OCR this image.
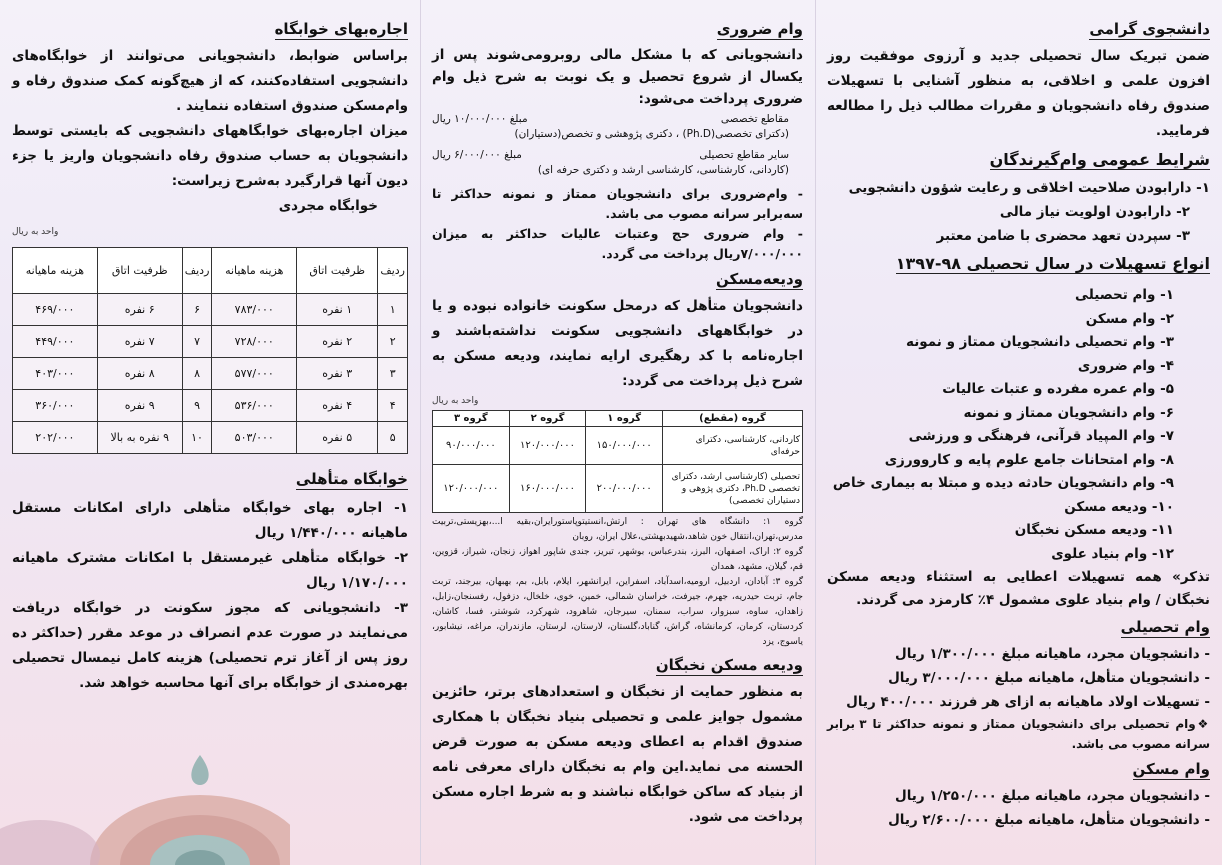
دانشجوی گرامی

ضمن تبریک سال تحصیلی جدید و آرزوی موفقیت روز افزون علمی و اخلاقی، به منظور آشنایی با تسهیلات صندوق رفاه دانشجویان و مقررات مطالب ذیل را مطالعه فرمایید.

شرایط عمومی وام‌گیرندگان
۱- دارابودن صلاحیت اخلاقی و رعایت شؤون دانشجویی
۲- دارابودن اولویت نیاز مالی
۳- سپردن تعهد محضری با ضامن معتبر
انواع تسهیلات در سال تحصیلی ۹۸-۱۳۹۷
۱- وام تحصیلی
۲- وام مسکن
۳- وام تحصیلی دانشجویان ممتاز و نمونه
۴- وام ضروری
۵- وام عمره مفرده و عتبات عالیات
۶- وام دانشجویان ممتاز و نمونه
۷- وام المپیاد قرآنی، فرهنگی و ورزشی
۸- وام امتحانات جامع علوم پایه و کاروورزی
۹- وام دانشجویان حادثه دیده و مبتلا به بیماری خاص
۱۰- ودیعه مسکن
۱۱- ودیعه مسکن نخبگان
۱۲- وام بنیاد علوی

تذکر» همه تسهیلات اعطایی به استثناء ودیعه مسکن نخبگان / وام بنیاد علوی مشمول ۴٪ کارمزد می گردند.

وام تحصیلی
- دانشجویان مجرد، ماهیانه مبلغ ۱/۳۰۰/۰۰۰ ریال
- دانشجویان متأهل، ماهیانه مبلغ ۳/۰۰۰/۰۰۰ ریال
- تسهیلات اولاد ماهیانه به ازای هر فرزند ۴۰۰/۰۰۰ ریال

❖وام تحصیلی برای دانشجویان ممتاز و نمونه حداکثر تا ۳ برابر سرانه مصوب می باشد.

وام مسکن
- دانشجویان مجرد، ماهیانه مبلغ ۱/۲۵۰/۰۰۰ ریال
- دانشجویان متأهل، ماهیانه مبلغ ۲/۶۰۰/۰۰۰ ریال
وام ضروری

دانشجویانی که با مشکل مالی روبرومی‌شوند پس از یکسال از شروع تحصیل و یک نوبت به شرح ذیل وام ضروری پرداخت می‌شود:

مقاطع تخصصی
مبلغ ۱۰/۰۰۰/۰۰۰ ریال
(دکترای تخصصی(Ph.D) ، دکتری پژوهشی و تخصص(دستیاران)
سایر مقاطع تحصیلی
مبلغ ۶/۰۰۰/۰۰۰ ریال
(کاردانی، کارشناسی، کارشناسی ارشد و دکتری حرفه ای)
- وام‌ضروری برای دانشجویان ممتاز و نمونه حداکثر تا سه‌برابر سرانه مصوب می باشد.
- وام ضروری حج وعتبات عالیات حداکثر به میزان ۷/۰۰۰/۰۰۰ریال پرداخت می گردد.
ودیعه‌مسکن

دانشجویان متأهل که درمحل سکونت خانواده نبوده و یا در خوابگاههای دانشجویی سکونت نداشته‌باشند و اجاره‌نامه با کد رهگیری ارایه نمایند، ودیعه مسکن به شرح ذیل پرداخت می گردد:

واحد به ریال
گروه (مقطع)	گروه ۱	گروه ۲	گروه ۳
کاردانی، کارشناسی، دکترای حرفه‌ای	۱۵۰/۰۰۰/۰۰۰	۱۲۰/۰۰۰/۰۰۰	۹۰/۰۰۰/۰۰۰
تحصیلی (کارشناسی ارشد، دکترای تخصصی Ph.D، دکتری پژوهی و دستیاران تخصصی)	۲۰۰/۰۰۰/۰۰۰	۱۶۰/۰۰۰/۰۰۰	۱۲۰/۰۰۰/۰۰۰

گروه ۱: دانشگاه های تهران : ارتش،انستیتوپاستورایران،بقیه ا...،بهزیستی،تربیت مدرس،تهران،انتقال خون شاهد،شهیدبهشتی،علال ایران، روبان

گروه ۲: اراک، اصفهان، البرز، بندرعباس، بوشهر، تبریز، جندی شاپور اهواز، زنجان، شیراز، قزوین، قم، گیلان، مشهد، همدان

گروه ۳: آبادان، اردبیل، ارومیه،اسدآباد، اسفراین، ایرانشهر، ایلام، بابل، بم، بهبهان، بیرجند، تربت جام، تربت حیدریه، جهرم، جیرفت، خراسان شمالی، خمین، خوی، خلخال، دزفول، رفسنجان،زابل، زاهدان، ساوه، سبزوار، سراب، سمنان، سیرجان، شاهرود، شهرکرد، شوشتر، فسا، کاشان، کردستان، کرمان، کرمانشاه، گراش، گناباد،گلستان، لارستان، لرستان، مازندران، مراغه، نیشابور، یاسوج، یزد

ودیعه مسکن نخبگان

به منظور حمایت از نخبگان و استعدادهای برتر، حائزین مشمول جوایز علمی و تحصیلی بنیاد نخبگان با همکاری صندوق اقدام به اعطای ودیعه مسکن به صورت قرض الحسنه می نماید.این وام به نخبگان دارای معرفی نامه از بنیاد که ساکن خوابگاه نباشند و به شرط اجاره مسکن پرداخت می شود.

اجاره‌بهای خوابگاه

براساس ضوابط، دانشجویانی می‌توانند از خوابگاه‌های دانشجویی استفاده‌کنند، که از هیچ‌گونه کمک صندوق رفاه و وام‌مسکن صندوق استفاده ننمایند .

میزان اجاره‌بهای خوابگاههای دانشجویی که بایستی توسط دانشجویان به حساب صندوق رفاه دانشجویان واریز یا جزء دیون آنها قرارگیرد به‌شرح زیراست:

خوابگاه مجردی

واحد به ریال
ردیف	ظرفیت اتاق	هزینه ماهیانه	ردیف	ظرفیت اتاق	هزینه ماهیانه
۱	۱ نفره	۷۸۳/۰۰۰	۶	۶ نفره	۴۶۹/۰۰۰
۲	۲ نفره	۷۲۸/۰۰۰	۷	۷ نفره	۴۴۹/۰۰۰
۳	۳ نفره	۵۷۷/۰۰۰	۸	۸ نفره	۴۰۳/۰۰۰
۴	۴ نفره	۵۳۶/۰۰۰	۹	۹ نفره	۳۶۰/۰۰۰
۵	۵ نفره	۵۰۳/۰۰۰	۱۰	۹ نفره به بالا	۲۰۲/۰۰۰
خوابگاه متأهلی

۱- اجاره بهای خوابگاه متأهلی دارای امکانات مستقل ماهیانه ۱/۴۴۰/۰۰۰ ریال

۲- خوابگاه متأهلی غیرمستقل با امکانات مشترک ماهیانه ۱/۱۷۰/۰۰۰ ریال

۳- دانشجویانی که مجوز سکونت در خوابگاه دریافت می‌نمایند در صورت عدم انصراف در موعد مقرر (حداکثر ده روز پس از آغاز ترم تحصیلی) هزینه کامل نیمسال تحصیلی بهره‌مندی از خوابگاه برای آنها محاسبه خواهد شد.
